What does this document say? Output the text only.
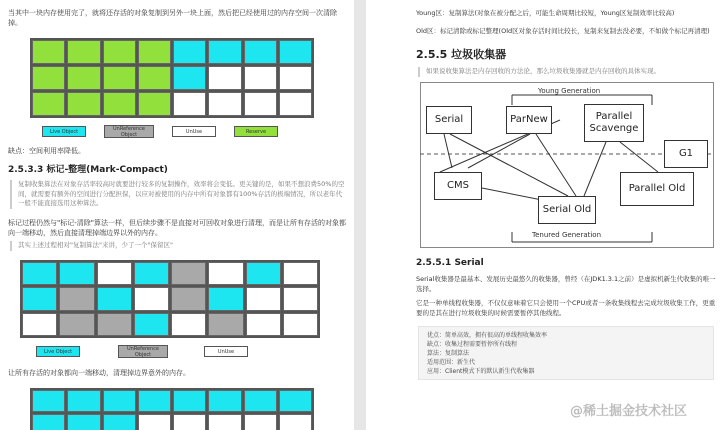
当其中一块内存使用完了，就将还存活的对象复制到另外一块上面，然后把已经使用过的内存空间一次清除掉。
Live Object	UnReference Object	UnUse	Reserve
缺点：空间利用率降低。
2.5.3.3 标记-整理(Mark-Compact)
复制收集算法在对象存活率较高时就要进行较多的复制操作，效率将会变低。更关键的是，如果不想浪费50%的空间，就需要有额外的空间进行分配担保，以应对被使用的内存中所有对象都有100%存活的极端情况，所以老年代一般不能直接选用这种算法。
标记过程仍然与"标记-清除"算法一样，但后续步骤不是直接对可回收对象进行清理，而是让所有存活的对象都向一端移动，然后直接清理掉端边界以外的内存。
其实上述过程相对"复制算法"来讲，少了一个"保留区"
Live Object	UnReference Object	UnUse
让所有存活的对象都向一端移动，清理掉边界意外的内存。
Young区：复制算法(对象在被分配之后，可能生命周期比较短，Young区复制效率比较高)
Old区：标记清除或标记整理(Old区对象存活时间比较长，复制来复制去没必要，不如做个标记再清理)
2.5.5 垃圾收集器
如果说收集算法是内存回收的方法论，那么垃圾收集器就是内存回收的具体实现。
Young Generation
Tenured Generation
Serial	ParNew	Parallel Scavenge
G1
CMS
Serial Old
Parallel Old
2.5.5.1 Serial
Serial收集器是最基本、发展历史最悠久的收集器，曾经（在JDK1.3.1之前）是虚拟机新生代收集的唯一选择。
它是一种单线程收集器，不仅仅意味着它只会使用一个CPU或者一条收集线程去完成垃圾收集工作，更重要的是其在进行垃圾收集的时候需要暂停其他线程。
优点：简单高效，拥有很高的单线程收集效率
缺点：收集过程需要暂停所有线程
算法：复制算法
适用范围：新生代
应用：Client模式下的默认新生代收集器
@稀土掘金技术社区
